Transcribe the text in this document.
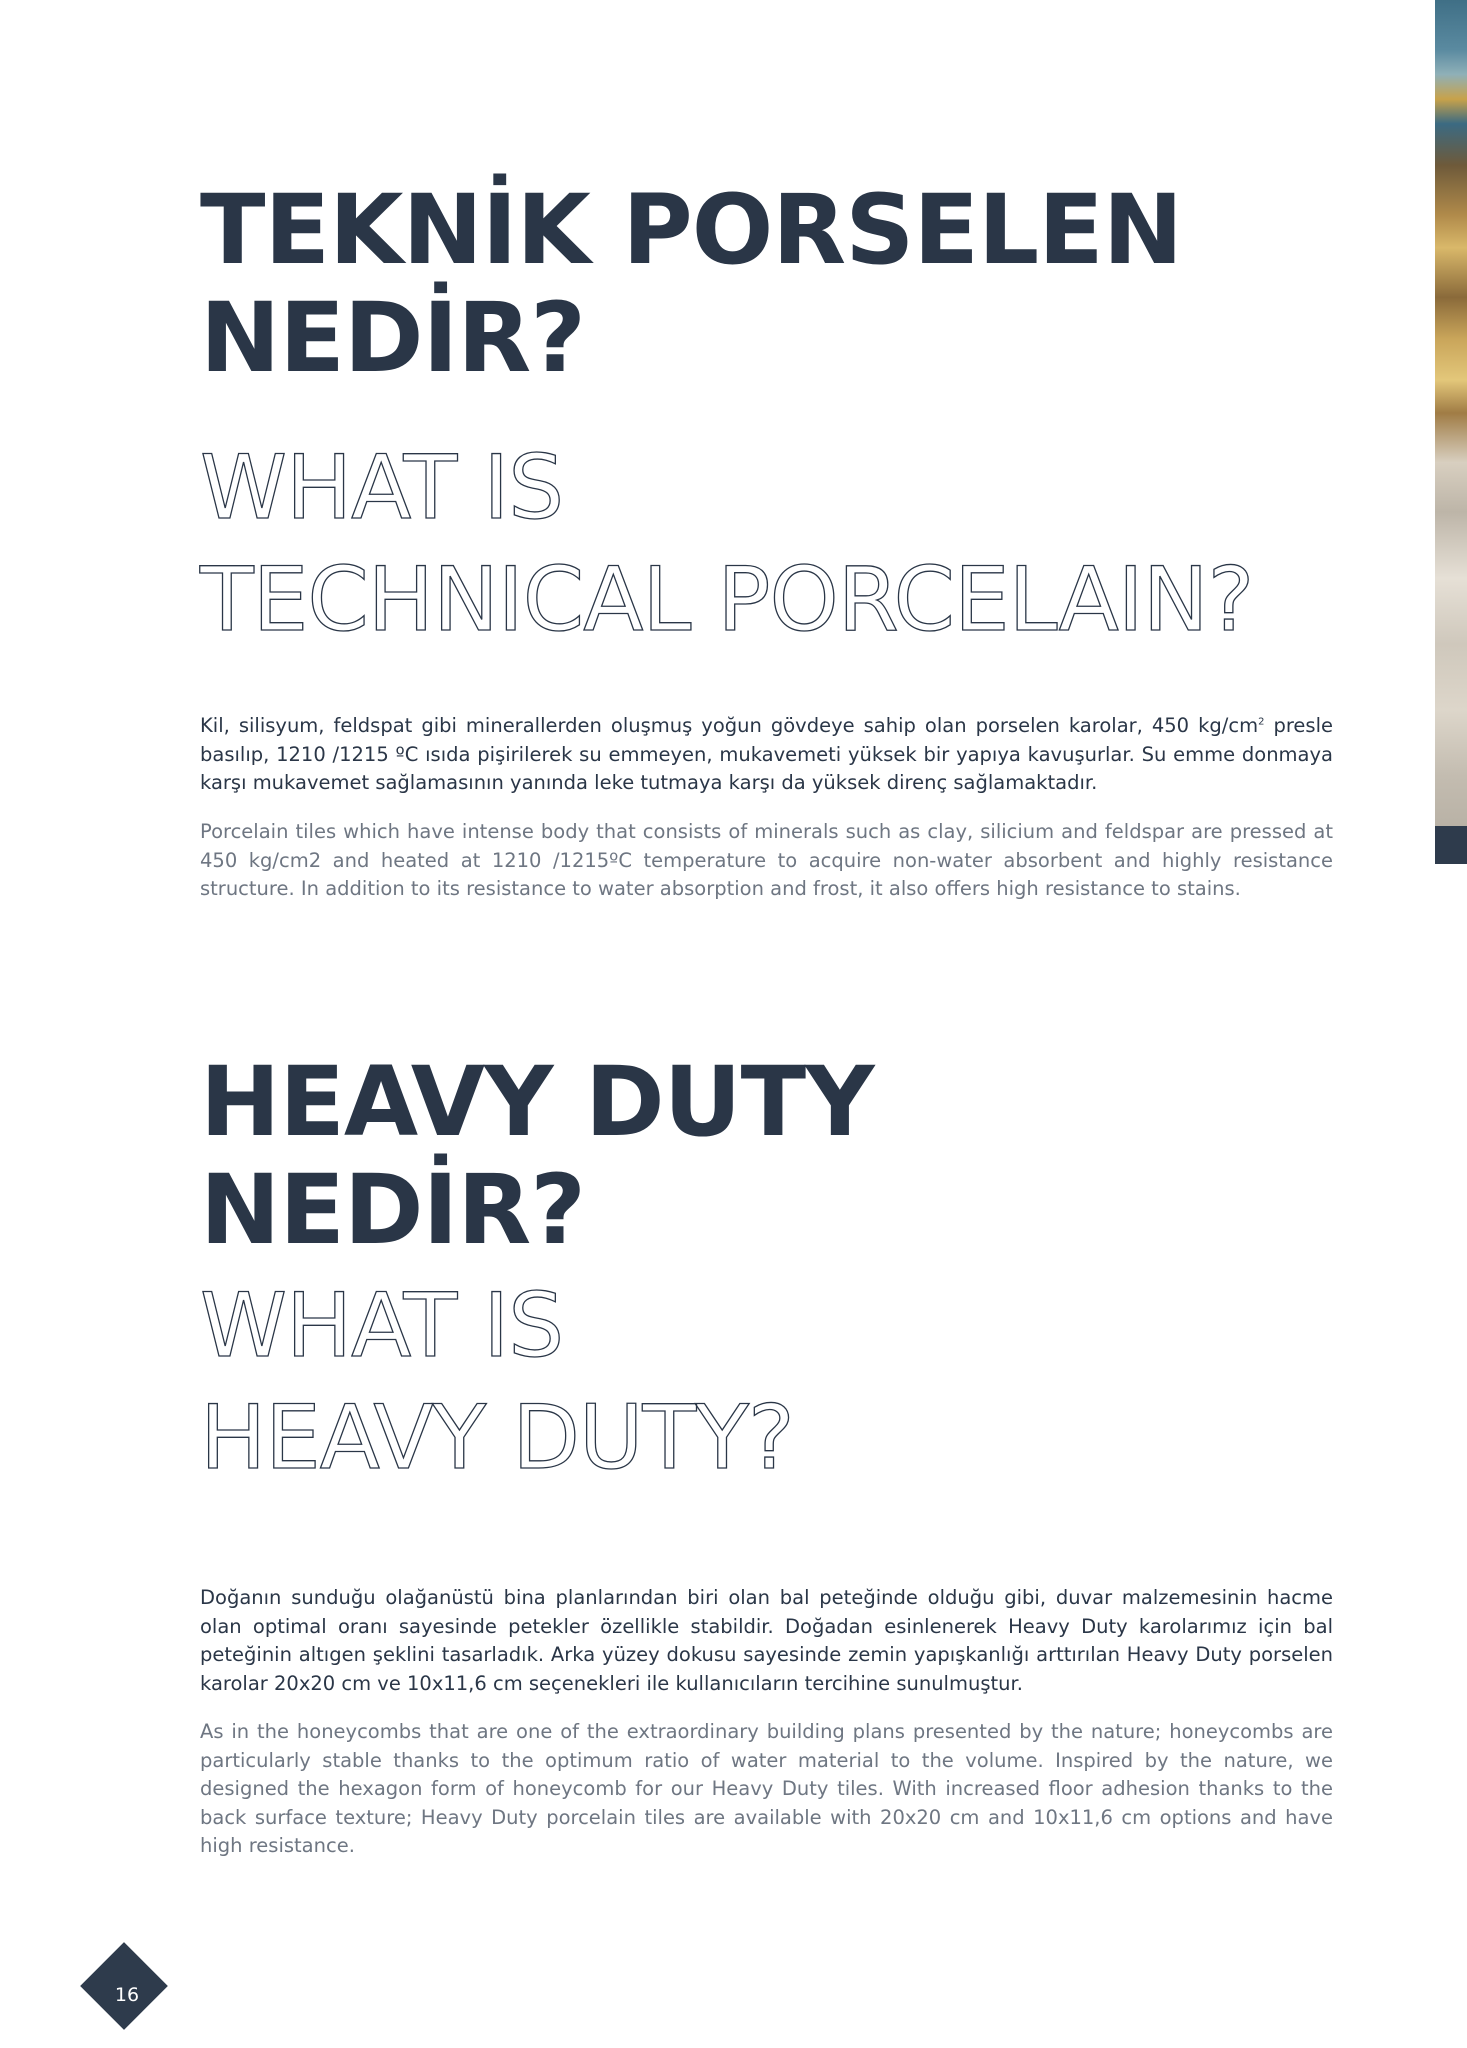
TEKNİK PORSELEN
NEDİR?
WHAT IS
TECHNICAL PORCELAIN?

Kil, silisyum, feldspat gibi minerallerden oluşmuş yoğun gövdeye sahip olan porselen karolar, 450 $kg/cm^2$ presle basılıp, 1210 /1215 ºC ısıda pişirilerek su emmeyen, mukavemeti yüksek bir yapıya kavuşurlar. Su emme donmaya karşı mukavemet sağlamasının yanında leke tutmaya karşı da yüksek direnç sağlamaktadır.

Porcelain tiles which have intense body that consists of minerals such as clay, silicium and feldspar are pressed at 450 kg/cm2 and heated at 1210 /1215ºC temperature to acquire non-water absorbent and highly resistance structure. In addition to its resistance to water absorption and frost, it also offers high resistance to stains.

HEAVY DUTY
NEDİR?
WHAT IS
HEAVY DUTY?

Doğanın sunduğu olağanüstü bina planlarından biri olan bal peteğinde olduğu gibi, duvar malzemesinin hacme olan optimal oranı sayesinde petekler özellikle stabildir. Doğadan esinlenerek Heavy Duty karolarımız için bal peteğinin altıgen şeklini tasarladık. Arka yüzey dokusu sayesinde zemin yapışkanlığı arttırılan Heavy Duty porselen karolar 20x20 cm ve 10x11,6 cm seçenekleri ile kullanıcıların tercihine sunulmuştur.

As in the honeycombs that are one of the extraordinary building plans presented by the nature; honeycombs are particularly stable thanks to the optimum ratio of water material to the volume. Inspired by the nature, we designed the hexagon form of honeycomb for our Heavy Duty tiles. With increased floor adhesion thanks to the back surface texture; Heavy Duty porcelain tiles are available with 20x20 cm and 10x11,6 cm options and have high resistance.

16
